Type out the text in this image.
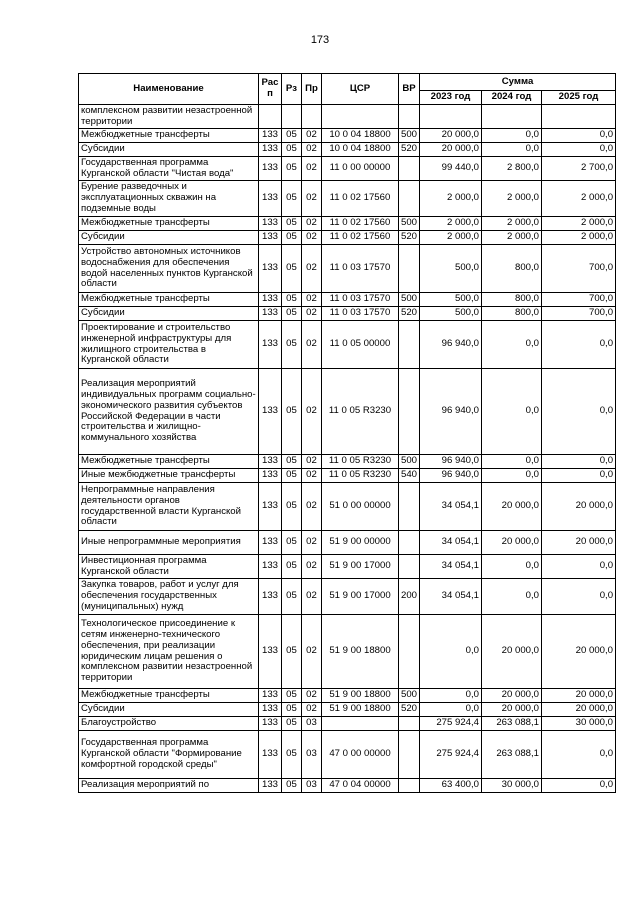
173
Наименование	Рас п	Рз	Пр	ЦСР	ВР	Сумма		
						2023 год	2024 год	2025 год
комплексном развитии незастроенной территории								
Межбюджетные трансферты	133	05	02	10 0 04 18800	500	20 000,0	0,0	0,0
Субсидии	133	05	02	10 0 04 18800	520	20 000,0	0,0	0,0
Государственная программа Курганской области "Чистая вода"	133	05	02	11 0 00 00000		99 440,0	2 800,0	2 700,0
Бурение разведочных и эксплуатационных скважин на подземные воды	133	05	02	11 0 02 17560		2 000,0	2 000,0	2 000,0
Межбюджетные трансферты	133	05	02	11 0 02 17560	500	2 000,0	2 000,0	2 000,0
Субсидии	133	05	02	11 0 02 17560	520	2 000,0	2 000,0	2 000,0
Устройство автономных источников водоснабжения для обеспечения водой населенных пунктов Курганской области	133	05	02	11 0 03 17570		500,0	800,0	700,0
Межбюджетные трансферты	133	05	02	11 0 03 17570	500	500,0	800,0	700,0
Субсидии	133	05	02	11 0 03 17570	520	500,0	800,0	700,0
Проектирование и строительство инженерной инфраструктуры для жилищного строительства в Курганской области	133	05	02	11 0 05 00000		96 940,0	0,0	0,0
Реализация мероприятий индивидуальных программ социально-экономического развития субъектов Российской Федерации в части строительства и жилищно-коммунального хозяйства	133	05	02	11 0 05 R3230		96 940,0	0,0	0,0
Межбюджетные трансферты	133	05	02	11 0 05 R3230	500	96 940,0	0,0	0,0
Иные межбюджетные трансферты	133	05	02	11 0 05 R3230	540	96 940,0	0,0	0,0
Непрограммные направления деятельности органов государственной власти Курганской области	133	05	02	51 0 00 00000		34 054,1	20 000,0	20 000,0
Иные непрограммные мероприятия	133	05	02	51 9 00 00000		34 054,1	20 000,0	20 000,0
Инвестиционная программа Курганской области	133	05	02	51 9 00 17000		34 054,1	0,0	0,0
Закупка товаров, работ и услуг для обеспечения государственных (муниципальных) нужд	133	05	02	51 9 00 17000	200	34 054,1	0,0	0,0
Технологическое присоединение к сетям инженерно-технического обеспечения, при реализации юридическим лицам решения о комплексном развитии незастроенной территории	133	05	02	51 9 00 18800		0,0	20 000,0	20 000,0
Межбюджетные трансферты	133	05	02	51 9 00 18800	500	0,0	20 000,0	20 000,0
Субсидии	133	05	02	51 9 00 18800	520	0,0	20 000,0	20 000,0
Благоустройство	133	05	03			275 924,4	263 088,1	30 000,0
Государственная программа Курганской области "Формирование комфортной городской среды"	133	05	03	47 0 00 00000		275 924,4	263 088,1	0,0
Реализация мероприятий по	133	05	03	47 0 04 00000		63 400,0	30 000,0	0,0
